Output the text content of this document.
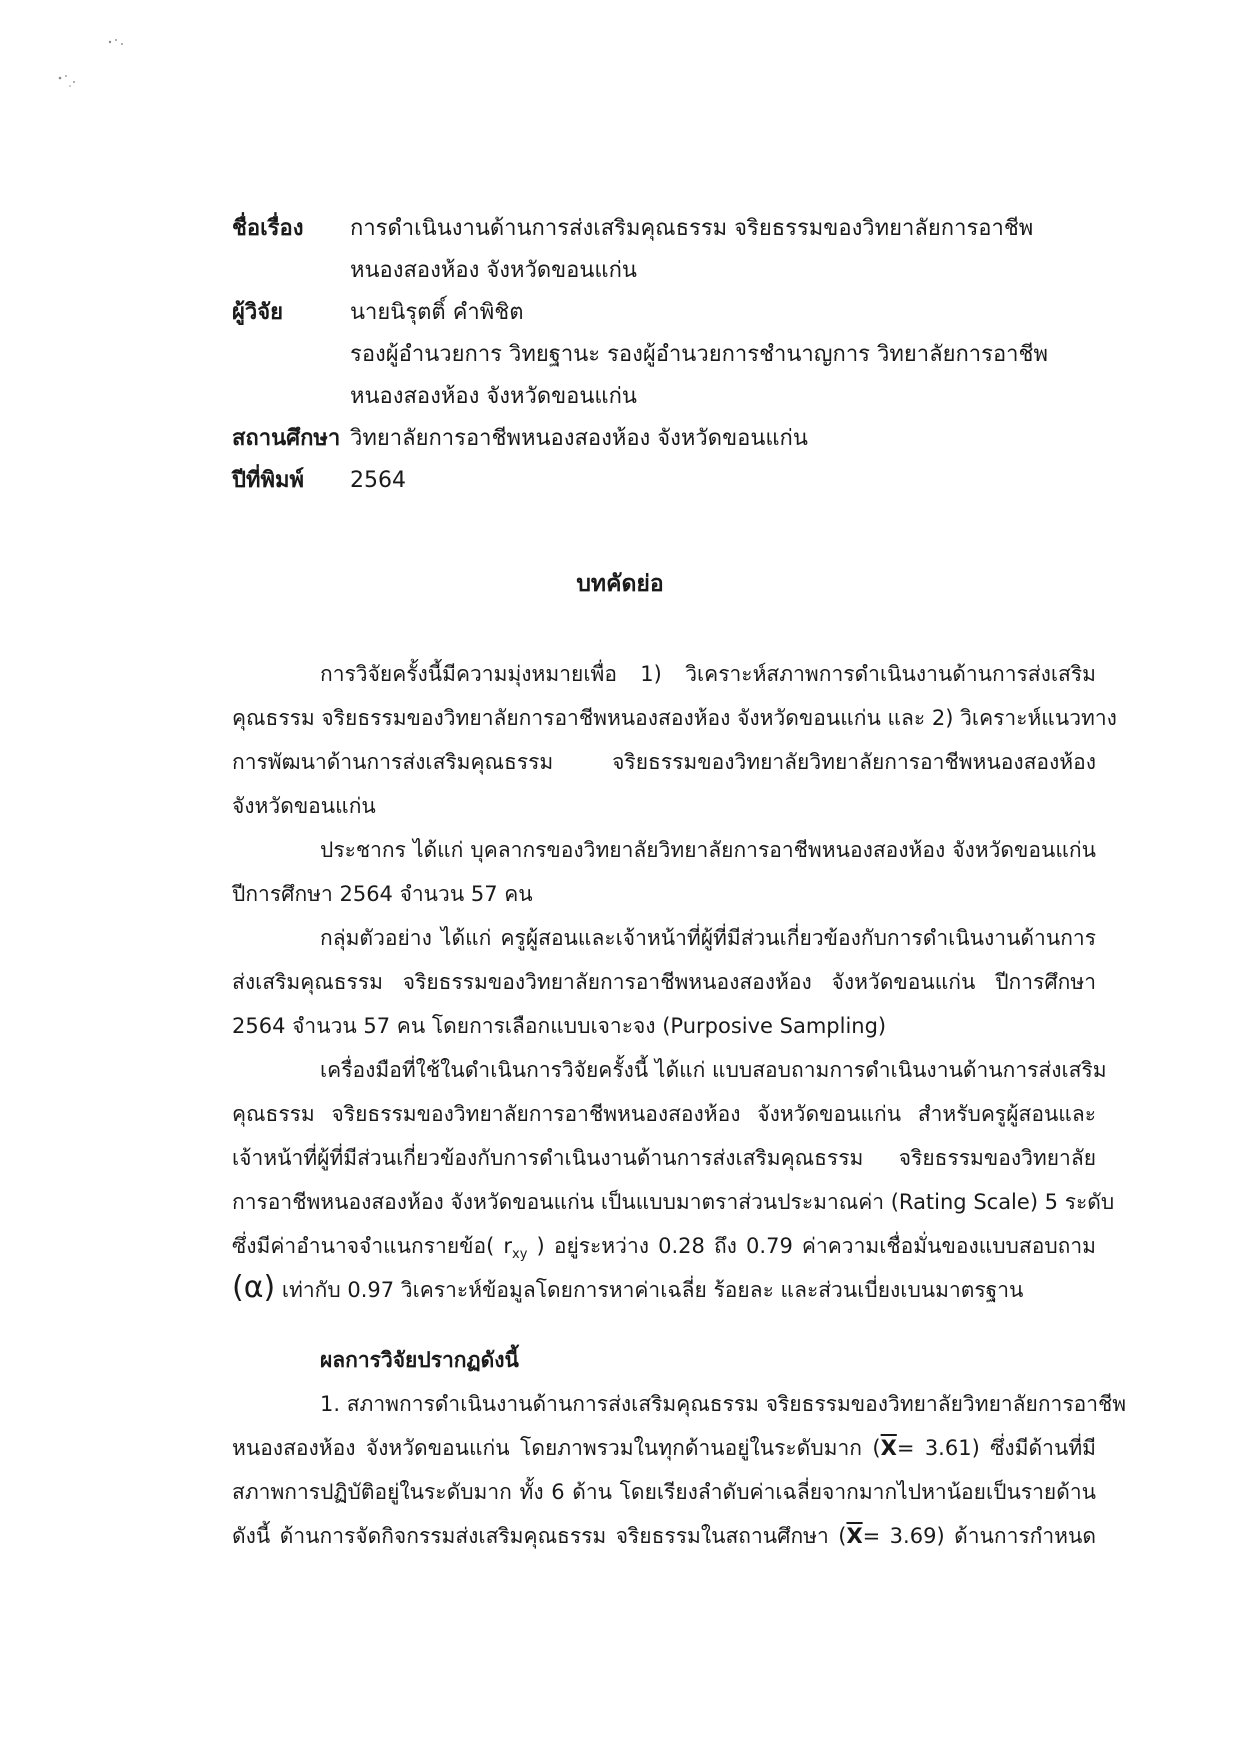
ชื่อเรื่อง	การดำเนินงานด้านการส่งเสริมคุณธรรม จริยธรรมของวิทยาลัยการอาชีพ
หนองสองห้อง จังหวัดขอนแก่น
ผู้วิจัย	นายนิรุตติ์ คำพิชิต
รองผู้อำนวยการ วิทยฐานะ รองผู้อำนวยการชำนาญการ วิทยาลัยการอาชีพ
หนองสองห้อง จังหวัดขอนแก่น
สถานศึกษา วิทยาลัยการอาชีพหนองสองห้อง จังหวัดขอนแก่น
ปีที่พิมพ์	2564
บทคัดย่อ
การวิจัยครั้งนี้มีความมุ่งหมายเพื่อ 1) วิเคราะห์สภาพการดำเนินงานด้านการส่งเสริม
คุณธรรม จริยธรรมของวิทยาลัยการอาชีพหนองสองห้อง จังหวัดขอนแก่น และ 2) วิเคราะห์แนวทาง
การพัฒนาด้านการส่งเสริมคุณธรรม จริยธรรมของวิทยาลัยวิทยาลัยการอาชีพหนองสองห้อง
จังหวัดขอนแก่น
ประชากร ได้แก่ บุคลากรของวิทยาลัยวิทยาลัยการอาชีพหนองสองห้อง จังหวัดขอนแก่น
ปีการศึกษา 2564 จำนวน 57 คน
กลุ่มตัวอย่าง ได้แก่ ครูผู้สอนและเจ้าหน้าที่ผู้ที่มีส่วนเกี่ยวข้องกับการดำเนินงานด้านการ
ส่งเสริมคุณธรรม จริยธรรมของวิทยาลัยการอาชีพหนองสองห้อง จังหวัดขอนแก่น ปีการศึกษา
2564 จำนวน 57 คน โดยการเลือกแบบเจาะจง (Purposive Sampling)
เครื่องมือที่ใช้ในดำเนินการวิจัยครั้งนี้ ได้แก่ แบบสอบถามการดำเนินงานด้านการส่งเสริม
คุณธรรม จริยธรรมของวิทยาลัยการอาชีพหนองสองห้อง จังหวัดขอนแก่น สำหรับครูผู้สอนและ
เจ้าหน้าที่ผู้ที่มีส่วนเกี่ยวข้องกับการดำเนินงานด้านการส่งเสริมคุณธรรม จริยธรรมของวิทยาลัย
การอาชีพหนองสองห้อง จังหวัดขอนแก่น เป็นแบบมาตราส่วนประมาณค่า (Rating Scale) 5 ระดับ
ซึ่งมีค่าอำนาจจำแนกรายข้อ( $r_{xy}$ ) อยู่ระหว่าง 0.28 ถึง 0.79 ค่าความเชื่อมั่นของแบบสอบถาม
(α) เท่ากับ 0.97 วิเคราะห์ข้อมูลโดยการหาค่าเฉลี่ย ร้อยละ และส่วนเบี่ยงเบนมาตรฐาน
ผลการวิจัยปรากฏดังนี้
1. สภาพการดำเนินงานด้านการส่งเสริมคุณธรรม จริยธรรมของวิทยาลัยวิทยาลัยการอาชีพ
หนองสองห้อง จังหวัดขอนแก่น โดยภาพรวมในทุกด้านอยู่ในระดับมาก $(\overline{X}= 3.61)$ ซึ่งมีด้านที่มี
สภาพการปฏิบัติอยู่ในระดับมาก ทั้ง 6 ด้าน โดยเรียงลำดับค่าเฉลี่ยจากมากไปหาน้อยเป็นรายด้าน
ดังนี้ ด้านการจัดกิจกรรมส่งเสริมคุณธรรม จริยธรรมในสถานศึกษา $(\overline{X}= 3.69)$ ด้านการกำหนด
